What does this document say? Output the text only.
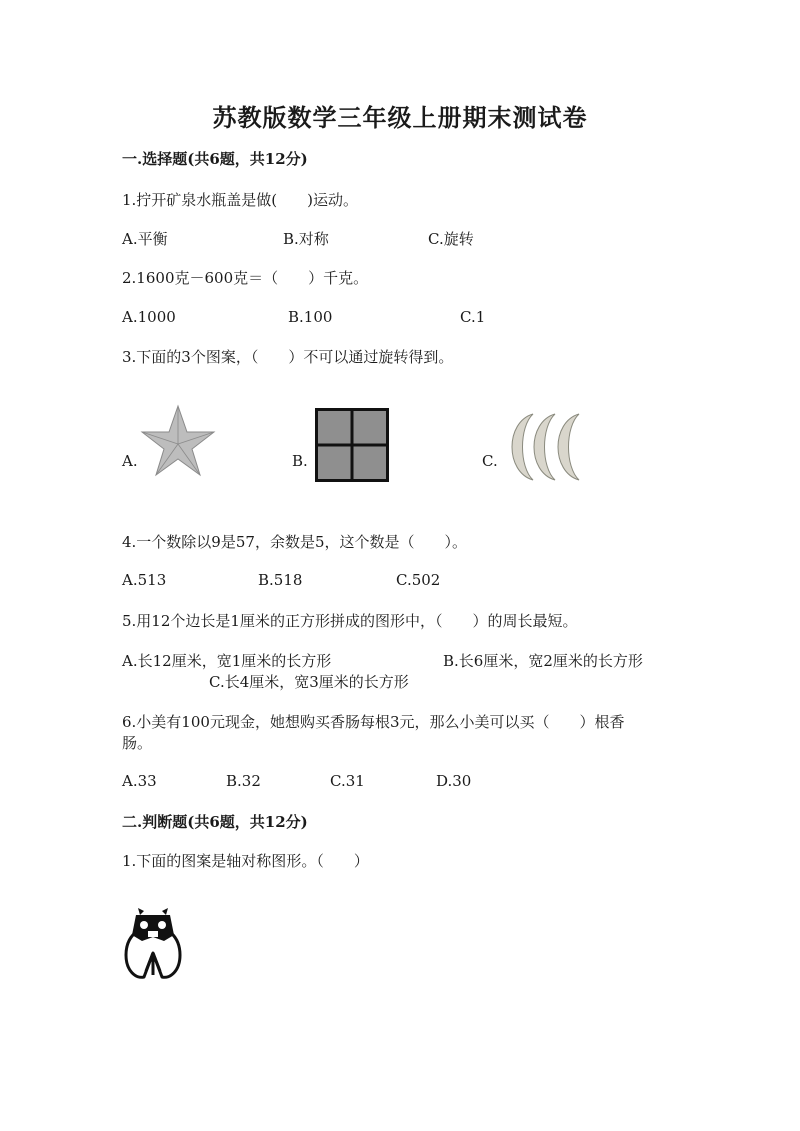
苏教版数学三年级上册期末测试卷
一.选择题(共6题，共12分)
1.拧开矿泉水瓶盖是做(　　)运动。
A.平衡	B.对称	C.旋转
2.1600克－600克＝（　　）千克。
A.1000	B.100	C.1
3.下面的3个图案，（　　）不可以通过旋转得到。
A.	B.	C.
4.一个数除以9是57，余数是5，这个数是（　　）。
A.513	B.518	C.502
5.用12个边长是1厘米的正方形拼成的图形中，（　　）的周长最短。
A.长12厘米，宽1厘米的长方形	B.长6厘米，宽2厘米的长方形
C.长4厘米，宽3厘米的长方形
6.小美有100元现金，她想购买香肠每根3元，那么小美可以买（　　）根香
肠。
A.33	B.32	C.31	D.30
二.判断题(共6题，共12分)
1.下面的图案是轴对称图形。（　　）
